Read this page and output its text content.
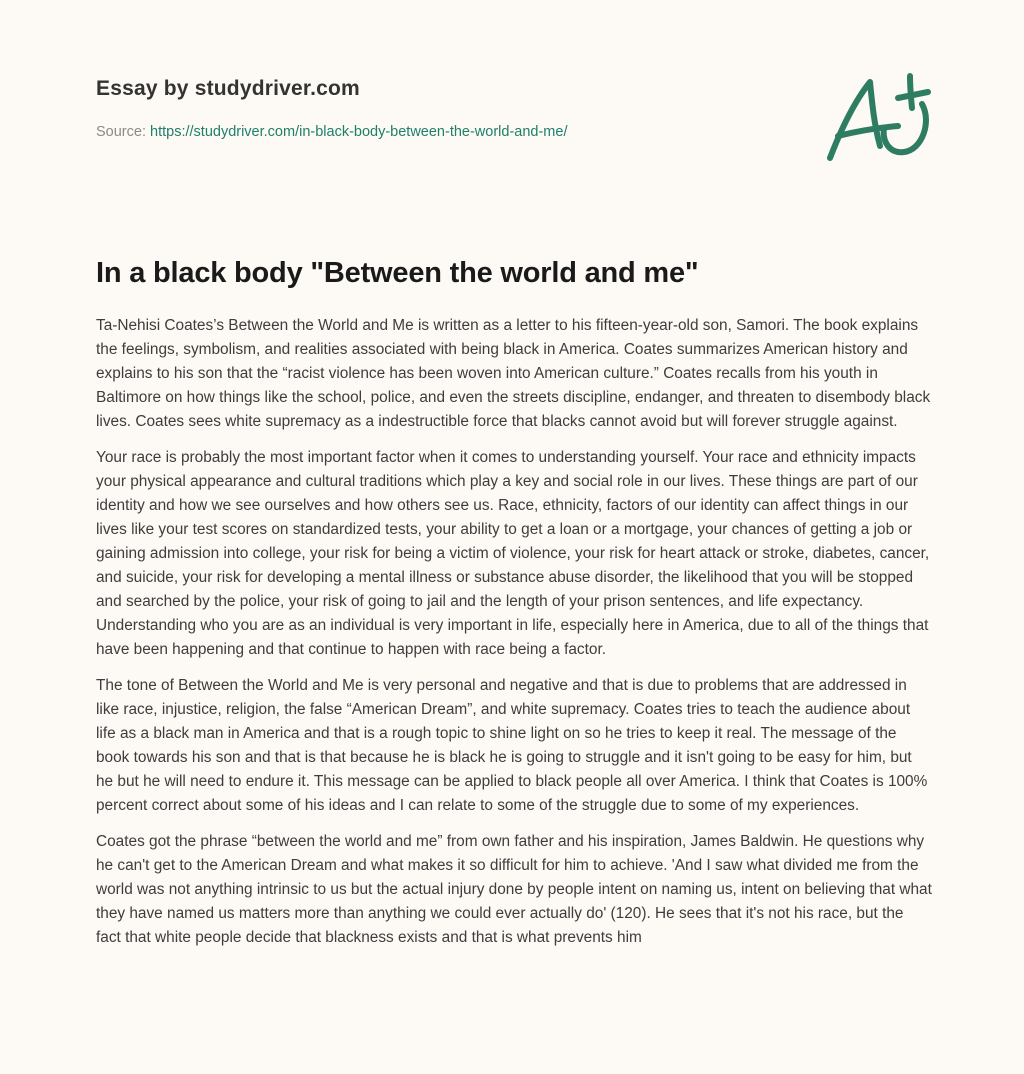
Essay by studydriver.com
Source: https://studydriver.com/in-black-body-between-the-world-and-me/
In a black body "Between the world and me"

Ta-Nehisi Coates’s Between the World and Me is written as a letter to his fifteen-year-old son, Samori. The book explains the feelings, symbolism, and realities associated with being black in America. Coates summarizes American history and explains to his son that the “racist violence has been woven into American culture.” Coates recalls from his youth in Baltimore on how things like the school, police, and even the streets discipline, endanger, and threaten to disembody black lives. Coates sees white supremacy as a indestructible force that blacks cannot avoid but will forever struggle against.

Your race is probably the most important factor when it comes to understanding yourself. Your race and ethnicity impacts your physical appearance and cultural traditions which play a key and social role in our lives. These things are part of our identity and how we see ourselves and how others see us. Race, ethnicity, factors of our identity can affect things in our lives like your test scores on standardized tests, your ability to get a loan or a mortgage, your chances of getting a job or gaining admission into college, your risk for being a victim of violence, your risk for heart attack or stroke, diabetes, cancer, and suicide, your risk for developing a mental illness or substance abuse disorder, the likelihood that you will be stopped and searched by the police, your risk of going to jail and the length of your prison sentences, and life expectancy. Understanding who you are as an individual is very important in life, especially here in America, due to all of the things that have been happening and that continue to happen with race being a factor.

The tone of Between the World and Me is very personal and negative and that is due to problems that are addressed in like race, injustice, religion, the false “American Dream”, and white supremacy. Coates tries to teach the audience about life as a black man in America and that is a rough topic to shine light on so he tries to keep it real. The message of the book towards his son and that is that because he is black he is going to struggle and it isn't going to be easy for him, but he but he will need to endure it. This message can be applied to black people all over America. I think that Coates is 100% percent correct about some of his ideas and I can relate to some of the struggle due to some of my experiences.

Coates got the phrase “between the world and me” from own father and his inspiration, James Baldwin. He questions why he can't get to the American Dream and what makes it so difficult for him to achieve. 'And I saw what divided me from the world was not anything intrinsic to us but the actual injury done by people intent on naming us, intent on believing that what they have named us matters more than anything we could ever actually do' (120). He sees that it's not his race, but the fact that white people decide that blackness exists and that is what prevents him
